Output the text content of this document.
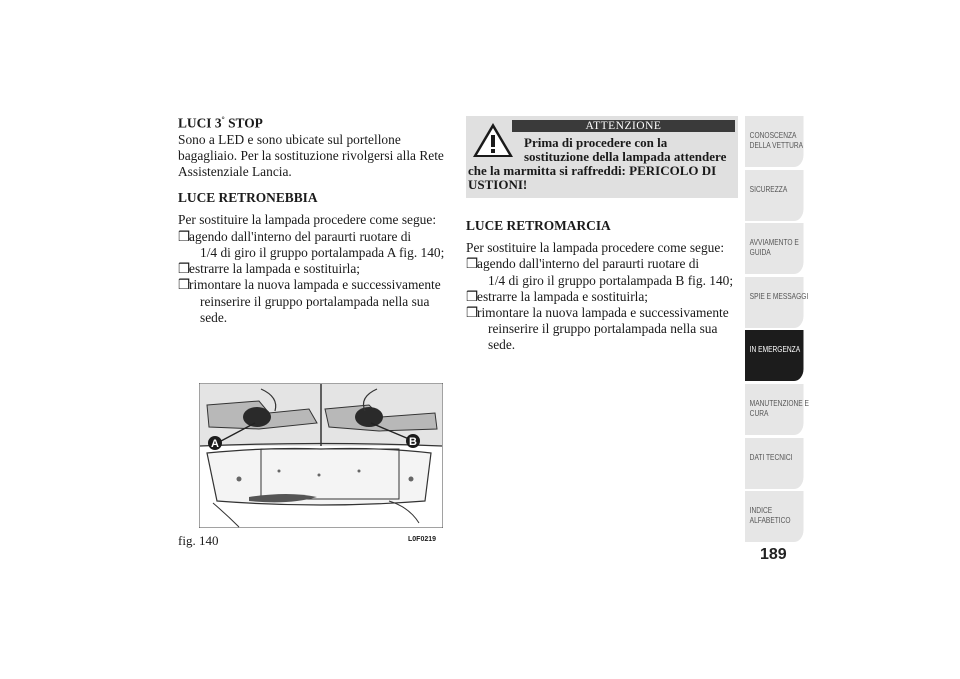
LUCI 3° STOP

Sono a LED e sono ubicate sul portellone bagagliaio. Per la sostituzione rivolgersi alla Rete Assistenziale Lancia.

LUCE RETRONEBBIA

Per sostituire la lampada procedere come segue:

❒agendo dall'interno del paraurti ruotare di
1/4 di giro il gruppo portalampada A fig. 140;
❒estrarre la lampada e sostituirla;
❒rimontare la nuova lampada e successivamente
reinserire il gruppo portalampada nella sua
sede.
ATTENZIONE
Prima di procedere con la
sostituzione della lampada attendere
che la marmitta si raffreddi: PERICOLO DI
USTIONI!
LUCE RETROMARCIA

Per sostituire la lampada procedere come segue:

❒agendo dall'interno del paraurti ruotare di
1/4 di giro il gruppo portalampada B fig. 140;
❒estrarre la lampada e sostituirla;
❒rimontare la nuova lampada e successivamente
reinserire il gruppo portalampada nella sua
sede.
A	B
fig. 140	L0F0219
CONOSCENZA
DELLA VETTURA
SICUREZZA
AVVIAMENTO E
GUIDA
SPIE E MESSAGGI
IN EMERGENZA
MANUTENZIONE E
CURA
DATI TECNICI
INDICE
ALFABETICO
189
